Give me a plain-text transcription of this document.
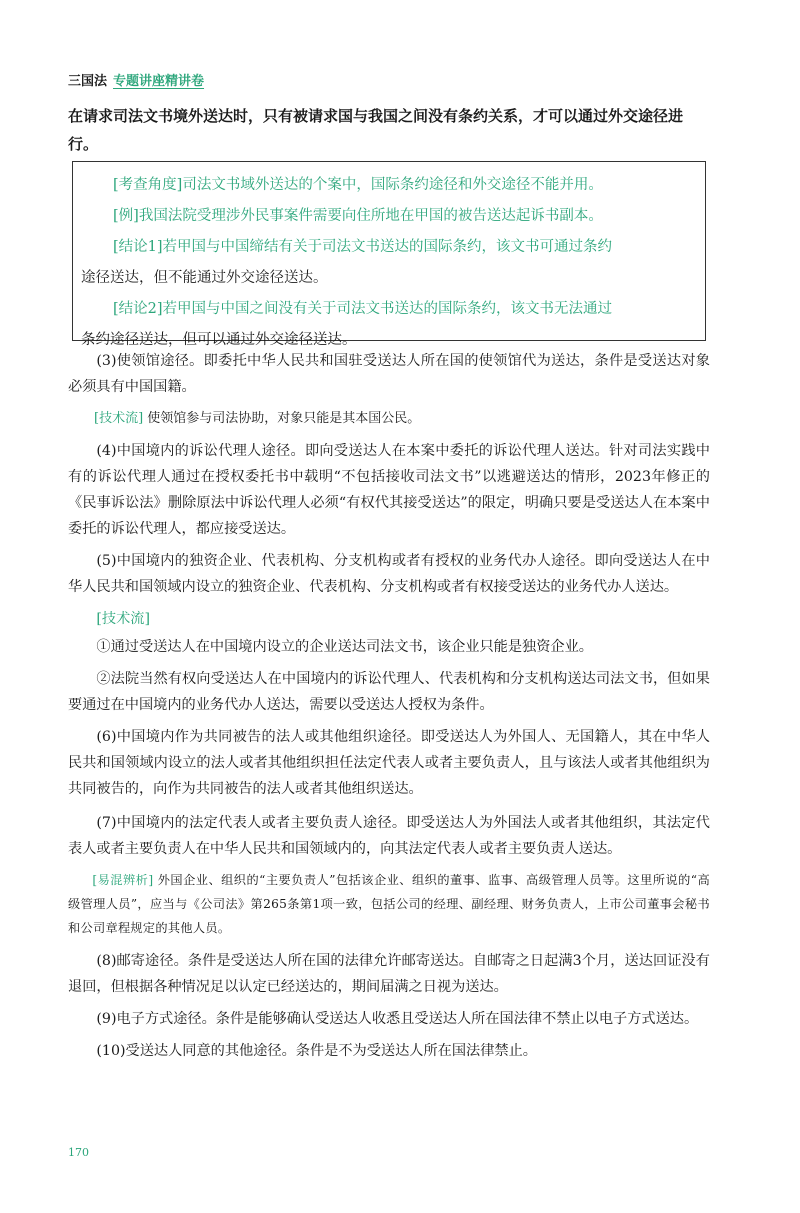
三国法 专题讲座精讲卷
在请求司法文书境外送达时，只有被请求国与我国之间没有条约关系，才可以通过外交途径进行。

[考查角度]司法文书域外送达的个案中，国际条约途径和外交途径不能并用。

[例]我国法院受理涉外民事案件需要向住所地在甲国的被告送达起诉书副本。

[结论1]若甲国与中国缔结有关于司法文书送达的国际条约，该文书可通过条约

途径送达，但不能通过外交途径送达。

[结论2]若甲国与中国之间没有关于司法文书送达的国际条约，该文书无法通过

条约途径送达，但可以通过外交途径送达。

(3)使领馆途径。即委托中华人民共和国驻受送达人所在国的使领馆代为送达，条件是受送达对象必须具有中国国籍。

[技术流] 使领馆参与司法协助，对象只能是其本国公民。

(4)中国境内的诉讼代理人途径。即向受送达人在本案中委托的诉讼代理人送达。针对司法实践中有的诉讼代理人通过在授权委托书中载明“不包括接收司法文书”以逃避送达的情形，2023年修正的《民事诉讼法》删除原法中诉讼代理人必须“有权代其接受送达”的限定，明确只要是受送达人在本案中委托的诉讼代理人，都应接受送达。

(5)中国境内的独资企业、代表机构、分支机构或者有授权的业务代办人途径。即向受送达人在中华人民共和国领域内设立的独资企业、代表机构、分支机构或者有权接受送达的业务代办人送达。

[技术流]

①通过受送达人在中国境内设立的企业送达司法文书，该企业只能是独资企业。

②法院当然有权向受送达人在中国境内的诉讼代理人、代表机构和分支机构送达司法文书，但如果要通过在中国境内的业务代办人送达，需要以受送达人授权为条件。

(6)中国境内作为共同被告的法人或其他组织途径。即受送达人为外国人、无国籍人，其在中华人民共和国领域内设立的法人或者其他组织担任法定代表人或者主要负责人，且与该法人或者其他组织为共同被告的，向作为共同被告的法人或者其他组织送达。

(7)中国境内的法定代表人或者主要负责人途径。即受送达人为外国法人或者其他组织，其法定代表人或者主要负责人在中华人民共和国领域内的，向其法定代表人或者主要负责人送达。

[易混辨析] 外国企业、组织的“主要负责人”包括该企业、组织的董事、监事、高级管理人员等。这里所说的“高级管理人员”，应当与《公司法》第265条第1项一致，包括公司的经理、副经理、财务负责人，上市公司董事会秘书和公司章程规定的其他人员。

(8)邮寄途径。条件是受送达人所在国的法律允许邮寄送达。自邮寄之日起满3个月，送达回证没有退回，但根据各种情况足以认定已经送达的，期间届满之日视为送达。

(9)电子方式途径。条件是能够确认受送达人收悉且受送达人所在国法律不禁止以电子方式送达。

(10)受送达人同意的其他途径。条件是不为受送达人所在国法律禁止。

170
